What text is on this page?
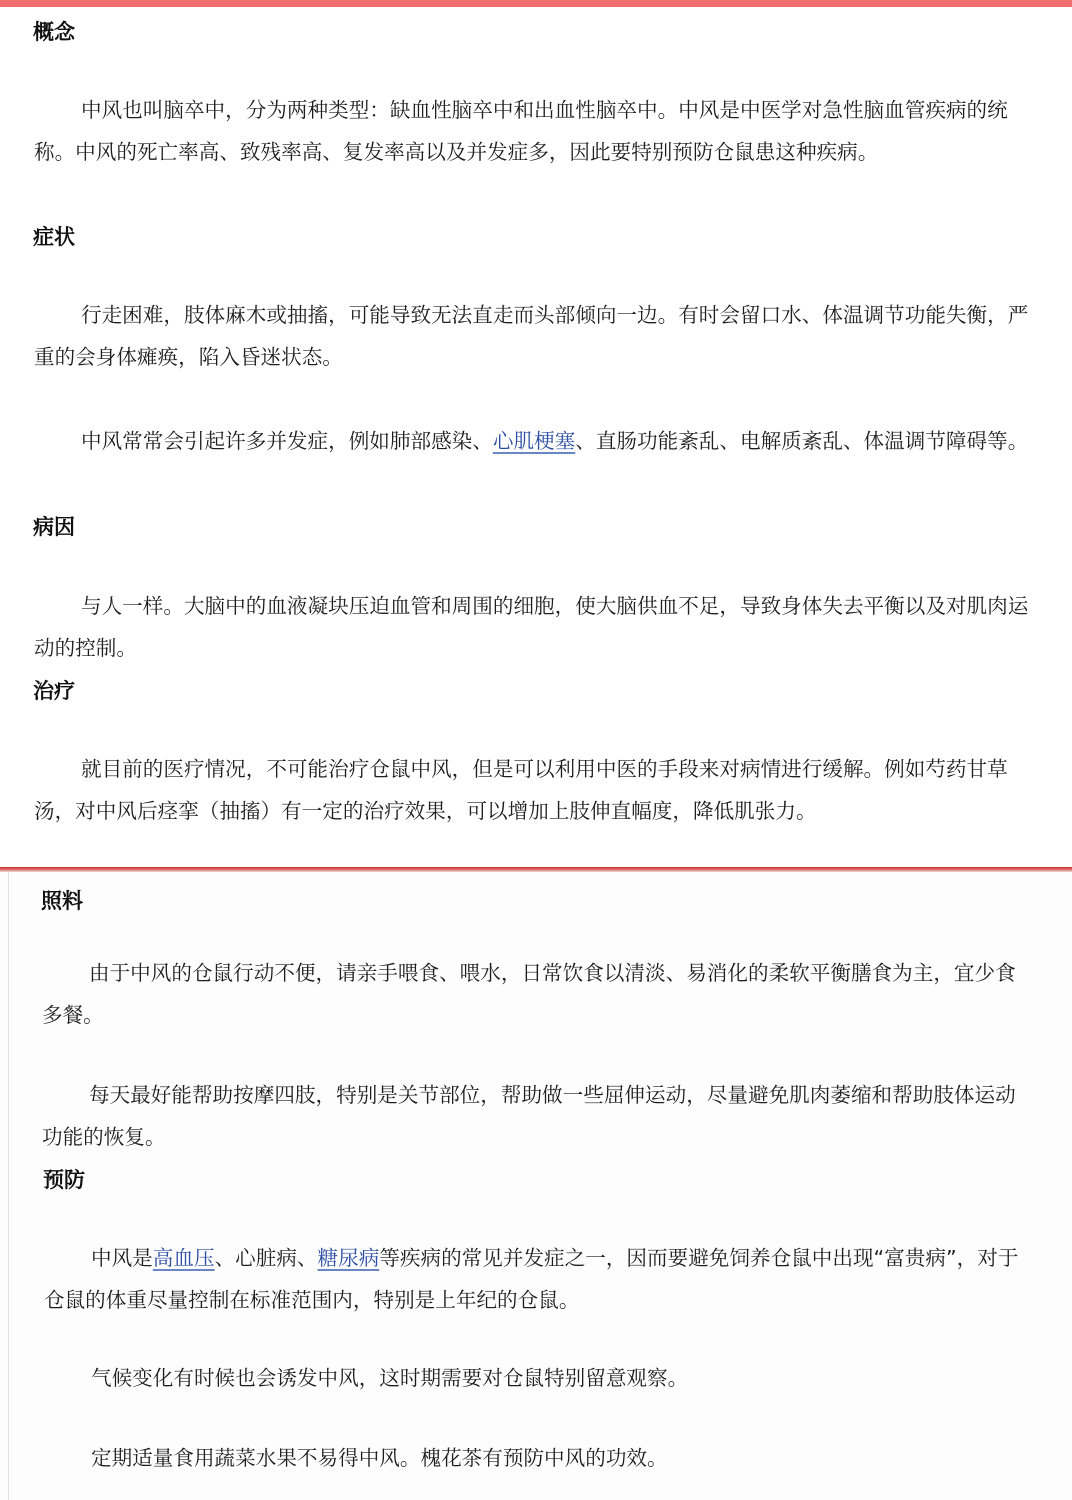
概念

中风也叫脑卒中，分为两种类型：缺血性脑卒中和出血性脑卒中。中风是中医学对急性脑血管疾病的统称。中风的死亡率高、致残率高、复发率高以及并发症多，因此要特别预防仓鼠患这种疾病。

症状

行走困难，肢体麻木或抽搐，可能导致无法直走而头部倾向一边。有时会留口水、体温调节功能失衡，严重的会身体瘫痪，陷入昏迷状态。

中风常常会引起许多并发症，例如肺部感染、心肌梗塞、直肠功能紊乱、电解质紊乱、体温调节障碍等。

病因

与人一样。大脑中的血液凝块压迫血管和周围的细胞，使大脑供血不足，导致身体失去平衡以及对肌肉运动的控制。

治疗

就目前的医疗情况，不可能治疗仓鼠中风，但是可以利用中医的手段来对病情进行缓解。例如芍药甘草汤，对中风后痉挛（抽搐）有一定的治疗效果，可以增加上肢伸直幅度，降低肌张力。

照料

由于中风的仓鼠行动不便，请亲手喂食、喂水，日常饮食以清淡、易消化的柔软平衡膳食为主，宜少食多餐。

每天最好能帮助按摩四肢，特别是关节部位，帮助做一些屈伸运动，尽量避免肌肉萎缩和帮助肢体运动功能的恢复。

预防

中风是高血压、心脏病、糖尿病等疾病的常见并发症之一，因而要避免饲养仓鼠中出现“富贵病”，对于仓鼠的体重尽量控制在标准范围内，特别是上年纪的仓鼠。

气候变化有时候也会诱发中风，这时期需要对仓鼠特别留意观察。

定期适量食用蔬菜水果不易得中风。槐花茶有预防中风的功效。
